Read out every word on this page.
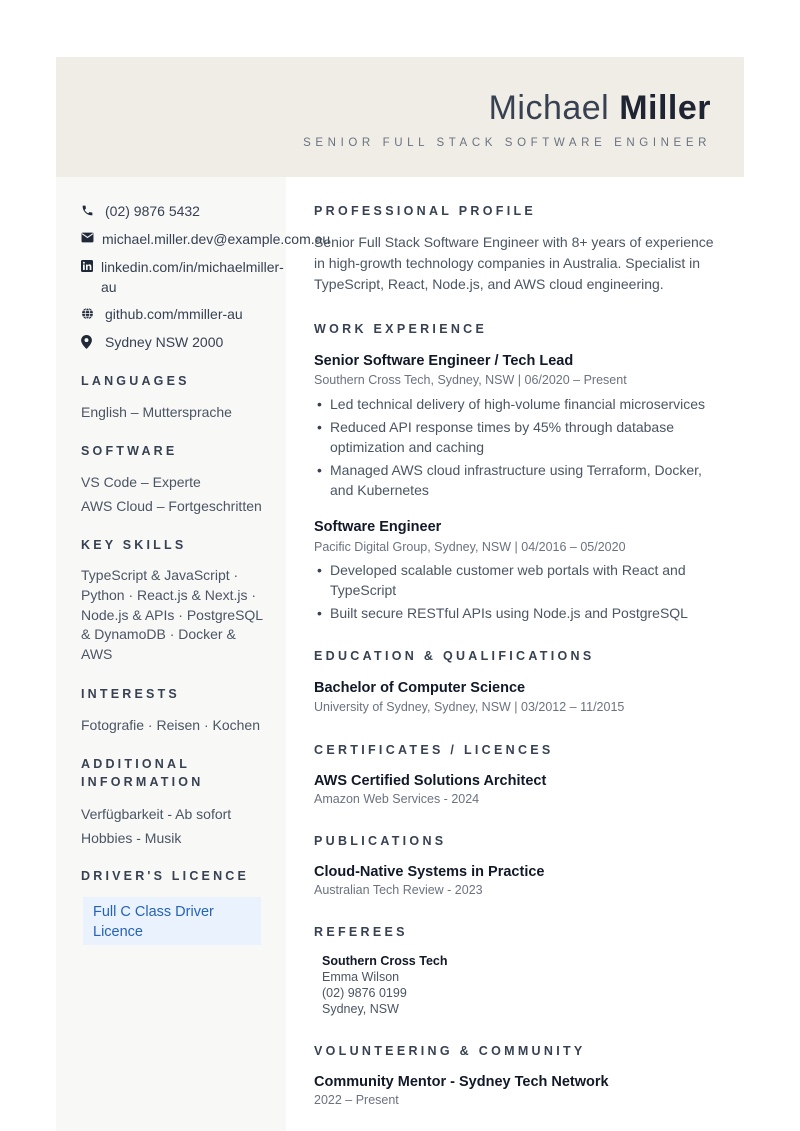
Michael Miller
SENIOR FULL STACK SOFTWARE ENGINEER
(02) 9876 5432
michael.miller.dev@example.com.au
linkedin.com/in/michaelmiller-
au
github.com/mmiller-au
Sydney NSW 2000
LANGUAGES
English – Muttersprache
SOFTWARE
VS Code – Experte
AWS Cloud – Fortgeschritten
KEY SKILLS
TypeScript & JavaScript · Python · React.js & Next.js · Node.js & APIs · PostgreSQL & DynamoDB · Docker & AWS
INTERESTS
Fotografie · Reisen · Kochen
ADDITIONAL
INFORMATION
Verfügbarkeit - Ab sofort
Hobbies - Musik
DRIVER'S LICENCE
Full C Class Driver
Licence
PROFESSIONAL PROFILE
Senior Full Stack Software Engineer with 8+ years of experience in high-growth technology companies in Australia. Specialist in TypeScript, React, Node.js, and AWS cloud engineering.
WORK EXPERIENCE
Senior Software Engineer / Tech Lead
Southern Cross Tech, Sydney, NSW | 06/2020 – Present
• Led technical delivery of high-volume financial microservices
• Reduced API response times by 45% through database optimization and caching
• Managed AWS cloud infrastructure using Terraform, Docker, and Kubernetes
Software Engineer
Pacific Digital Group, Sydney, NSW | 04/2016 – 05/2020
• Developed scalable customer web portals with React and TypeScript
• Built secure RESTful APIs using Node.js and PostgreSQL
EDUCATION & QUALIFICATIONS
Bachelor of Computer Science
University of Sydney, Sydney, NSW | 03/2012 – 11/2015
CERTIFICATES / LICENCES
AWS Certified Solutions Architect
Amazon Web Services - 2024
PUBLICATIONS
Cloud-Native Systems in Practice
Australian Tech Review - 2023
REFEREES
Southern Cross Tech
Emma Wilson
(02) 9876 0199
Sydney, NSW
VOLUNTEERING & COMMUNITY
Community Mentor - Sydney Tech Network
2022 – Present
